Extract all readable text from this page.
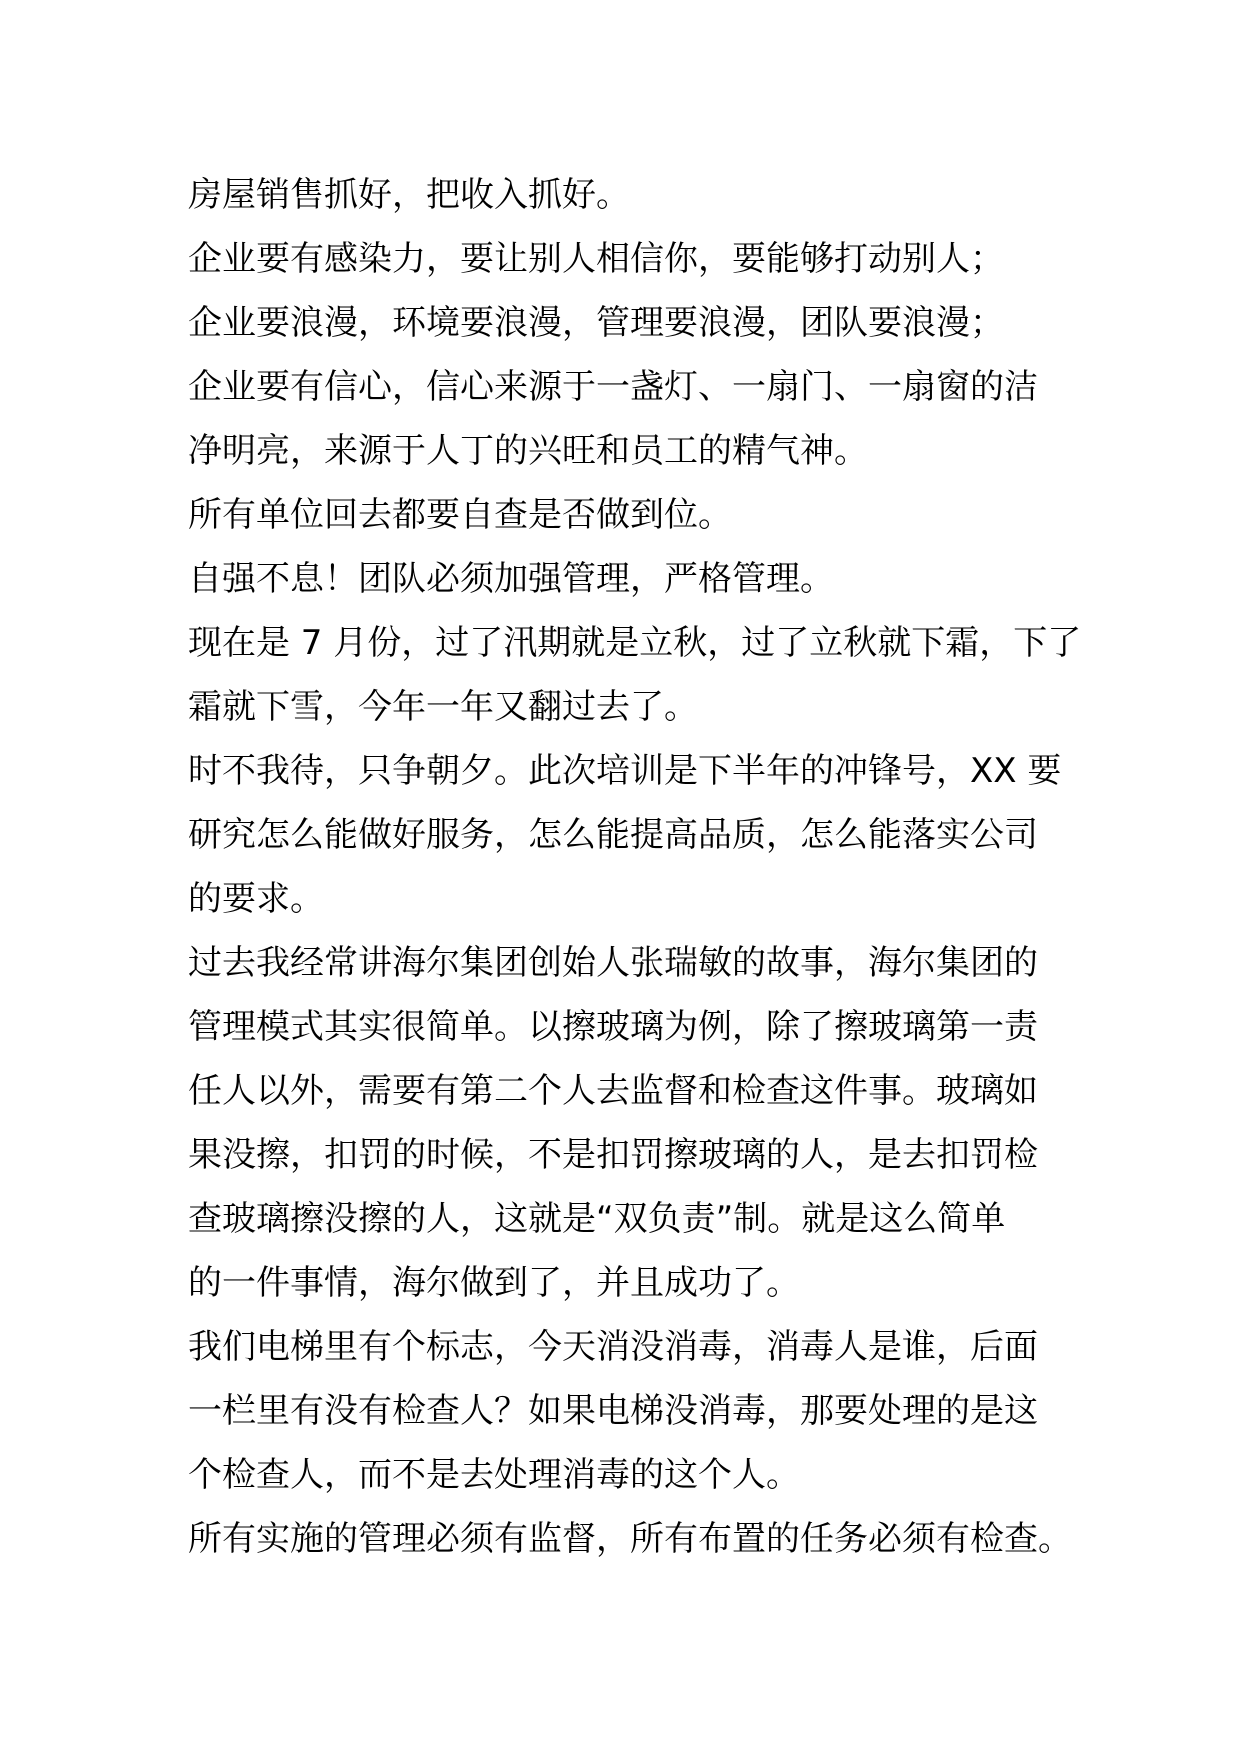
房屋销售抓好，把收入抓好。
企业要有感染力，要让别人相信你，要能够打动别人；
企业要浪漫，环境要浪漫，管理要浪漫，团队要浪漫；
企业要有信心，信心来源于一盏灯、一扇门、一扇窗的洁
净明亮，来源于人丁的兴旺和员工的精气神。
所有单位回去都要自查是否做到位。
自强不息！团队必须加强管理，严格管理。
现在是 7 月份，过了汛期就是立秋，过了立秋就下霜，下了
霜就下雪，今年一年又翻过去了。
时不我待，只争朝夕。此次培训是下半年的冲锋号，XX 要
研究怎么能做好服务，怎么能提高品质，怎么能落实公司
的要求。
过去我经常讲海尔集团创始人张瑞敏的故事，海尔集团的
管理模式其实很简单。以擦玻璃为例，除了擦玻璃第一责
任人以外，需要有第二个人去监督和检查这件事。玻璃如
果没擦，扣罚的时候，不是扣罚擦玻璃的人，是去扣罚检
查玻璃擦没擦的人，这就是“双负责”制。就是这么简单
的一件事情，海尔做到了，并且成功了。
我们电梯里有个标志，今天消没消毒，消毒人是谁，后面
一栏里有没有检查人？如果电梯没消毒，那要处理的是这
个检查人，而不是去处理消毒的这个人。
所有实施的管理必须有监督，所有布置的任务必须有检查。
